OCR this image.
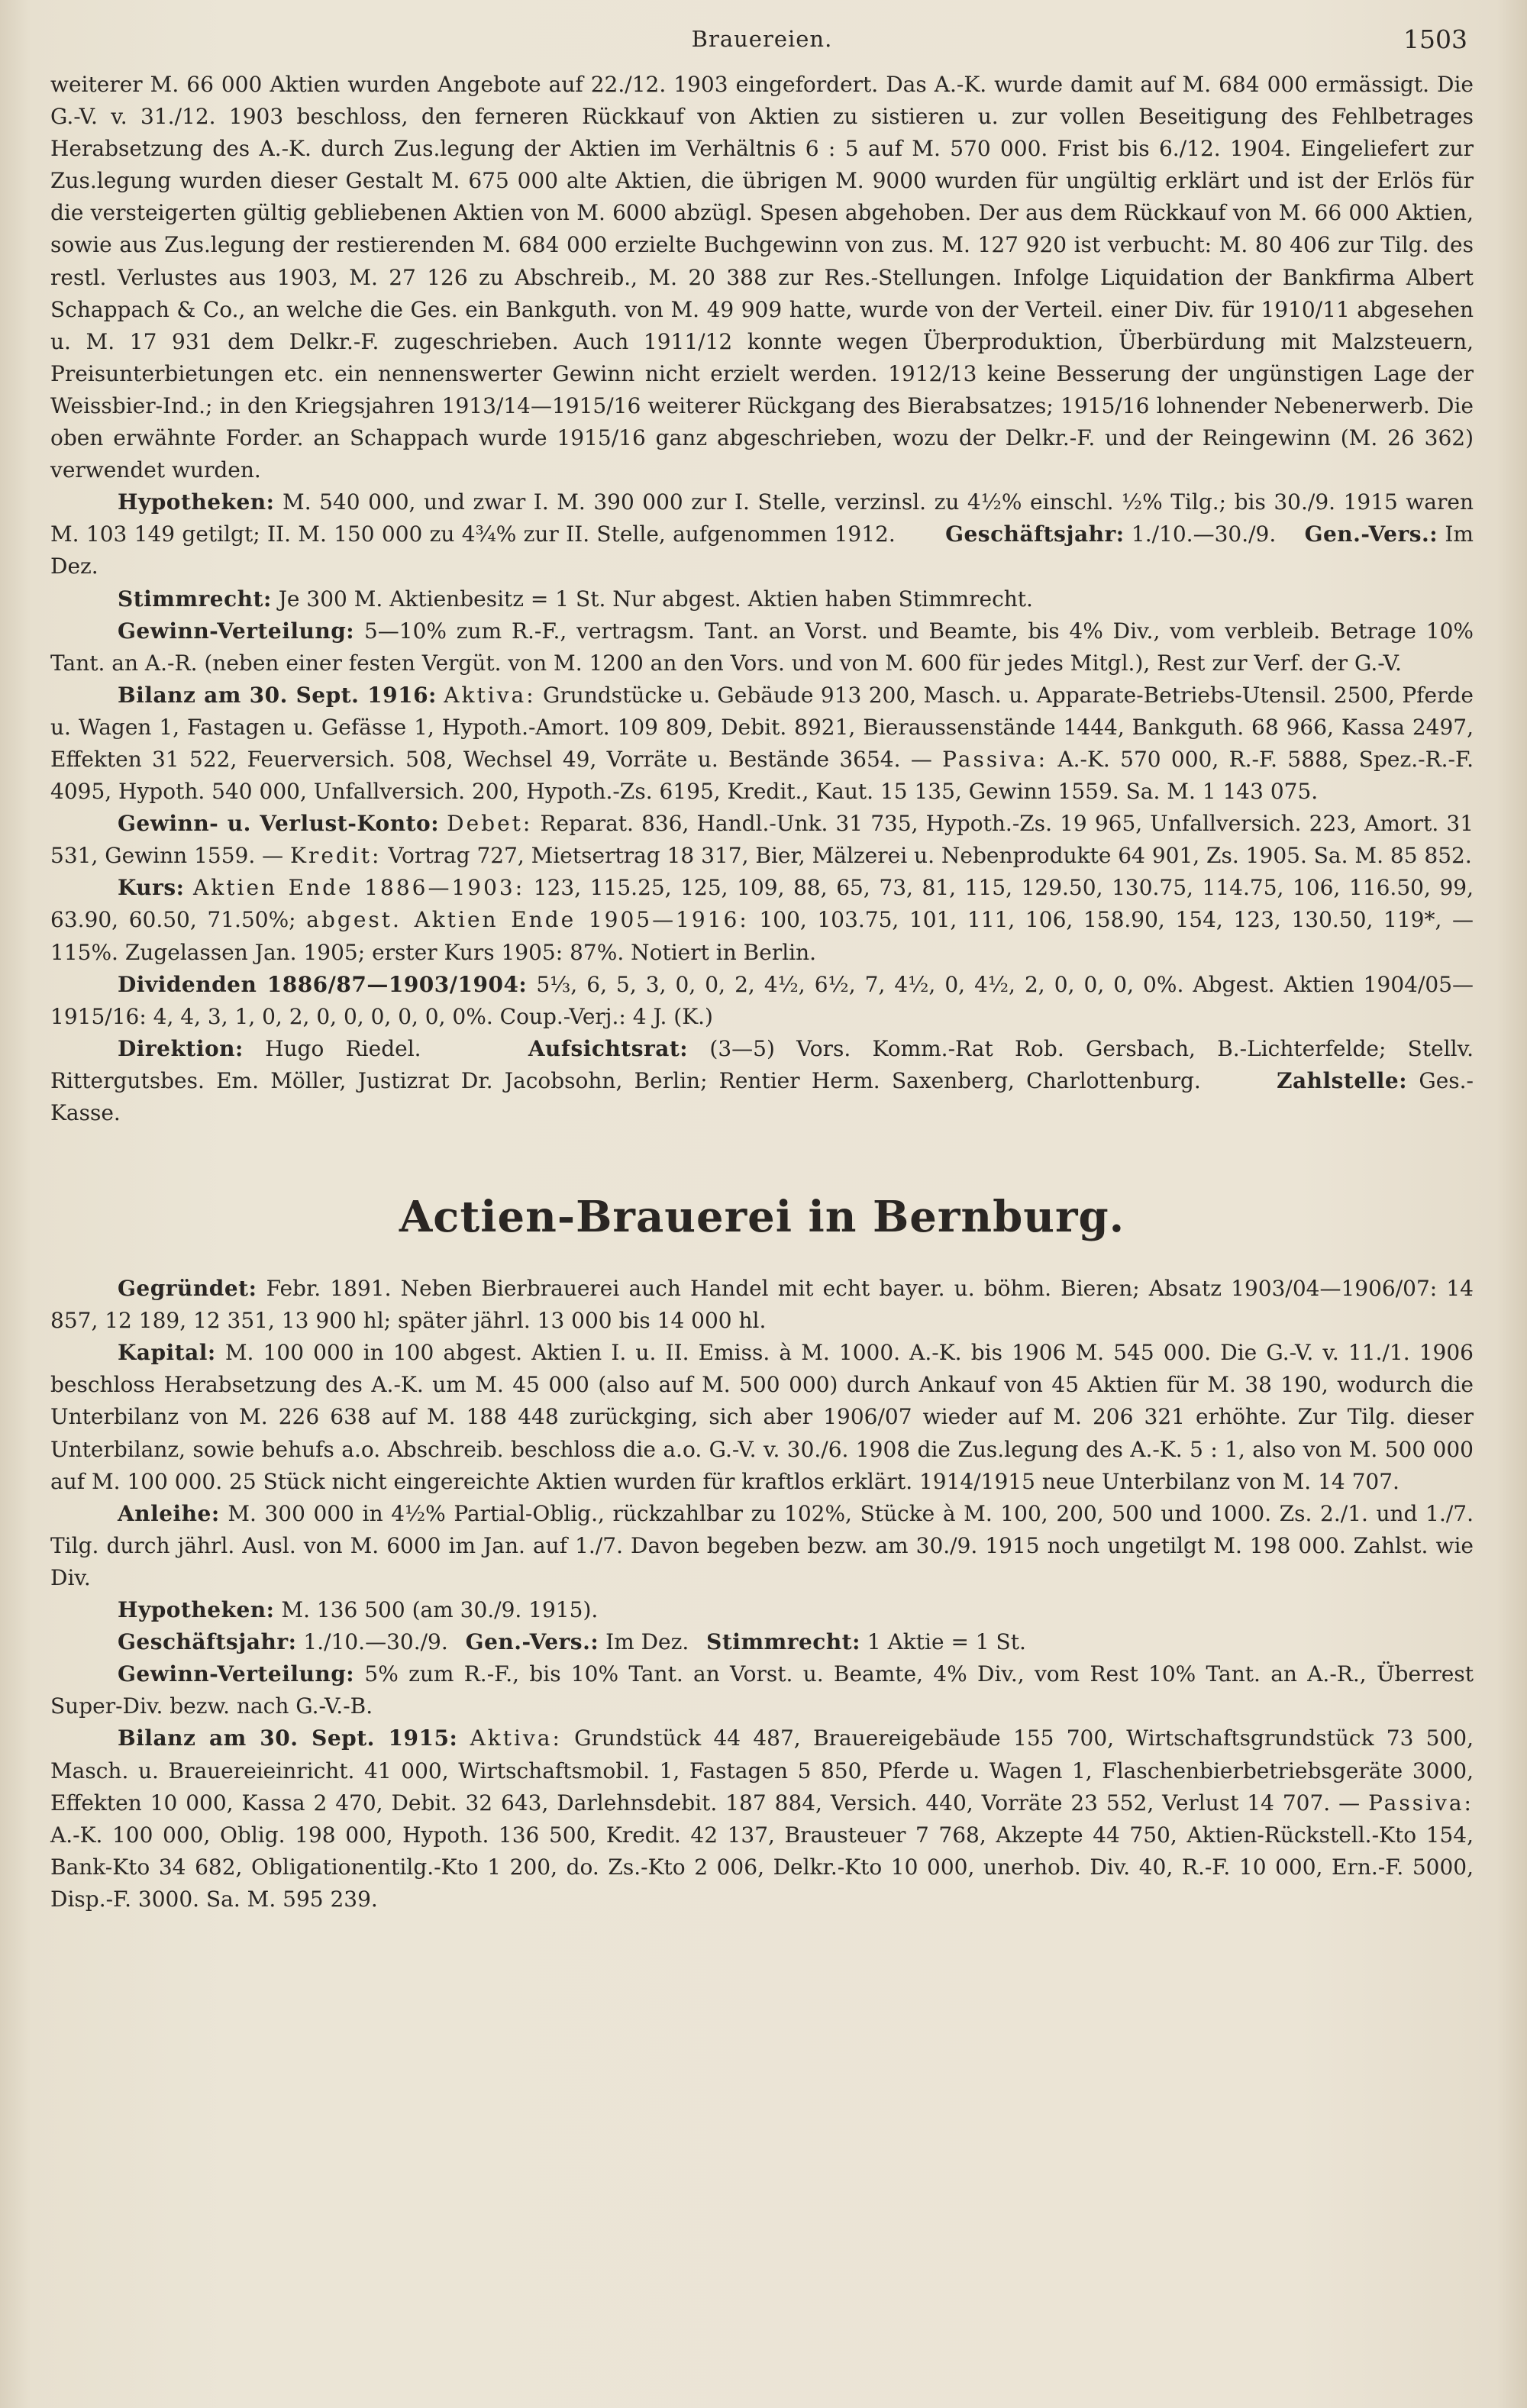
Brauereien.	1503

weiterer M. 66 000 Aktien wurden Angebote auf 22./12. 1903 eingefordert. Das A.-K. wurde damit auf M. 684 000 ermässigt. Die G.-V. v. 31./12. 1903 beschloss, den ferneren Rückkauf von Aktien zu sistieren u. zur vollen Beseitigung des Fehlbetrages Herabsetzung des A.-K. durch Zus.legung der Aktien im Verhältnis 6 : 5 auf M. 570 000. Frist bis 6./12. 1904. Eingeliefert zur Zus.legung wurden dieser Gestalt M. 675 000 alte Aktien, die übrigen M. 9000 wurden für ungültig erklärt und ist der Erlös für die versteigerten gültig gebliebenen Aktien von M. 6000 abzügl. Spesen abgehoben. Der aus dem Rückkauf von M. 66 000 Aktien, sowie aus Zus.legung der restierenden M. 684 000 erzielte Buchgewinn von zus. M. 127 920 ist verbucht: M. 80 406 zur Tilg. des restl. Verlustes aus 1903, M. 27 126 zu Abschreib., M. 20 388 zur Res.-Stellungen. Infolge Liquidation der Bankfirma Albert Schappach & Co., an welche die Ges. ein Bankguth. von M. 49 909 hatte, wurde von der Verteil. einer Div. für 1910/11 abgesehen u. M. 17 931 dem Delkr.-F. zugeschrieben. Auch 1911/12 konnte wegen Überproduktion, Überbürdung mit Malzsteuern, Preisunterbietungen etc. ein nennenswerter Gewinn nicht erzielt werden. 1912/13 keine Besserung der ungünstigen Lage der Weissbier-Ind.; in den Kriegsjahren 1913/14—1915/16 weiterer Rückgang des Bierabsatzes; 1915/16 lohnender Nebenerwerb. Die oben erwähnte Forder. an Schappach wurde 1915/16 ganz abgeschrieben, wozu der Delkr.-F. und der Reingewinn (M. 26 362) verwendet wurden.

Hypotheken: M. 540 000, und zwar I. M. 390 000 zur I. Stelle, verzinsl. zu 4½% einschl. ½% Tilg.; bis 30./9. 1915 waren M. 103 149 getilgt; II. M. 150 000 zu 4¾% zur II. Stelle, aufgenommen 1912.    Geschäftsjahr: 1./10.—30./9.   Gen.-Vers.: Im Dez.

Stimmrecht: Je 300 M. Aktienbesitz = 1 St. Nur abgest. Aktien haben Stimmrecht.

Gewinn-Verteilung: 5—10% zum R.-F., vertragsm. Tant. an Vorst. und Beamte, bis 4% Div., vom verbleib. Betrage 10% Tant. an A.-R. (neben einer festen Vergüt. von M. 1200 an den Vors. und von M. 600 für jedes Mitgl.), Rest zur Verf. der G.-V.

Bilanz am 30. Sept. 1916: Aktiva: Grundstücke u. Gebäude 913 200, Masch. u. Apparate-Betriebs-Utensil. 2500, Pferde u. Wagen 1, Fastagen u. Gefässe 1, Hypoth.-Amort. 109 809, Debit. 8921, Bieraussenstände 1444, Bankguth. 68 966, Kassa 2497, Effekten 31 522, Feuerversich. 508, Wechsel 49, Vorräte u. Bestände 3654. — Passiva: A.-K. 570 000, R.-F. 5888, Spez.-R.-F. 4095, Hypoth. 540 000, Unfallversich. 200, Hypoth.-Zs. 6195, Kredit., Kaut. 15 135, Gewinn 1559. Sa. M. 1 143 075.

Gewinn- u. Verlust-Konto: Debet: Reparat. 836, Handl.-Unk. 31 735, Hypoth.-Zs. 19 965, Unfallversich. 223, Amort. 31 531, Gewinn 1559. — Kredit: Vortrag 727, Mietsertrag 18 317, Bier, Mälzerei u. Nebenprodukte 64 901, Zs. 1905. Sa. M. 85 852.

Kurs: Aktien Ende 1886—1903: 123, 115.25, 125, 109, 88, 65, 73, 81, 115, 129.50, 130.75, 114.75, 106, 116.50, 99, 63.90, 60.50, 71.50%; abgest. Aktien Ende 1905—1916: 100, 103.75, 101, 111, 106, 158.90, 154, 123, 130.50, 119*, — 115%. Zugelassen Jan. 1905; erster Kurs 1905: 87%. Notiert in Berlin.

Dividenden 1886/87—1903/1904: 5⅓, 6, 5, 3, 0, 0, 2, 4½, 6½, 7, 4½, 0, 4½, 2, 0, 0, 0, 0%. Abgest. Aktien 1904/05—1915/16: 4, 4, 3, 1, 0, 2, 0, 0, 0, 0, 0, 0%. Coup.-Verj.: 4 J. (K.)

Direktion: Hugo Riedel.     	Aufsichtsrat: (3—5) Vors. Komm.-Rat Rob. Gersbach, B.-Lichterfelde; Stellv. Rittergutsbes. Em. Möller, Justizrat Dr. Jacobsohn, Berlin; Rentier Herm. Saxenberg, Charlottenburg.    	Zahlstelle: Ges.-Kasse.

Actien-Brauerei in Bernburg.

Gegründet: Febr. 1891. Neben Bierbrauerei auch Handel mit echt bayer. u. böhm. Bieren; Absatz 1903/04—1906/07: 14 857, 12 189, 12 351, 13 900 hl; später jährl. 13 000 bis 14 000 hl.

Kapital: M. 100 000 in 100 abgest. Aktien I. u. II. Emiss. à M. 1000. A.-K. bis 1906 M. 545 000. Die G.-V. v. 11./1. 1906 beschloss Herabsetzung des A.-K. um M. 45 000 (also auf M. 500 000) durch Ankauf von 45 Aktien für M. 38 190, wodurch die Unterbilanz von M. 226 638 auf M. 188 448 zurückging, sich aber 1906/07 wieder auf M. 206 321 erhöhte. Zur Tilg. dieser Unterbilanz, sowie behufs a.o. Abschreib. beschloss die a.o. G.-V. v. 30./6. 1908 die Zus.legung des A.-K. 5 : 1, also von M. 500 000 auf M. 100 000. 25 Stück nicht eingereichte Aktien wurden für kraftlos erklärt. 1914/1915 neue Unterbilanz von M. 14 707.

Anleihe: M. 300 000 in 4½% Partial-Oblig., rückzahlbar zu 102%, Stücke à M. 100, 200, 500 und 1000. Zs. 2./1. und 1./7. Tilg. durch jährl. Ausl. von M. 6000 im Jan. auf 1./7. Davon begeben bezw. am 30./9. 1915 noch ungetilgt M. 198 000. Zahlst. wie Div.

Hypotheken: M. 136 500 (am 30./9. 1915).

Geschäftsjahr: 1./10.—30./9.   Gen.-Vers.: Im Dez.   Stimmrecht: 1 Aktie = 1 St.

Gewinn-Verteilung: 5% zum R.-F., bis 10% Tant. an Vorst. u. Beamte, 4% Div., vom Rest 10% Tant. an A.-R., Überrest Super-Div. bezw. nach G.-V.-B.

Bilanz am 30. Sept. 1915: Aktiva: Grundstück 44 487, Brauereigebäude 155 700, Wirtschaftsgrundstück 73 500, Masch. u. Brauereieinricht. 41 000, Wirtschaftsmobil. 1, Fastagen 5 850, Pferde u. Wagen 1, Flaschenbierbetriebsgeräte 3000, Effekten 10 000, Kassa 2 470, Debit. 32 643, Darlehnsdebit. 187 884, Versich. 440, Vorräte 23 552, Verlust 14 707. — Passiva: A.-K. 100 000, Oblig. 198 000, Hypoth. 136 500, Kredit. 42 137, Brausteuer 7 768, Akzepte 44 750, Aktien-Rückstell.-Kto 154, Bank-Kto 34 682, Obligationentilg.-Kto 1 200, do. Zs.-Kto 2 006, Delkr.-Kto 10 000, unerhob. Div. 40, R.-F. 10 000, Ern.-F. 5000, Disp.-F. 3000. Sa. M. 595 239.
